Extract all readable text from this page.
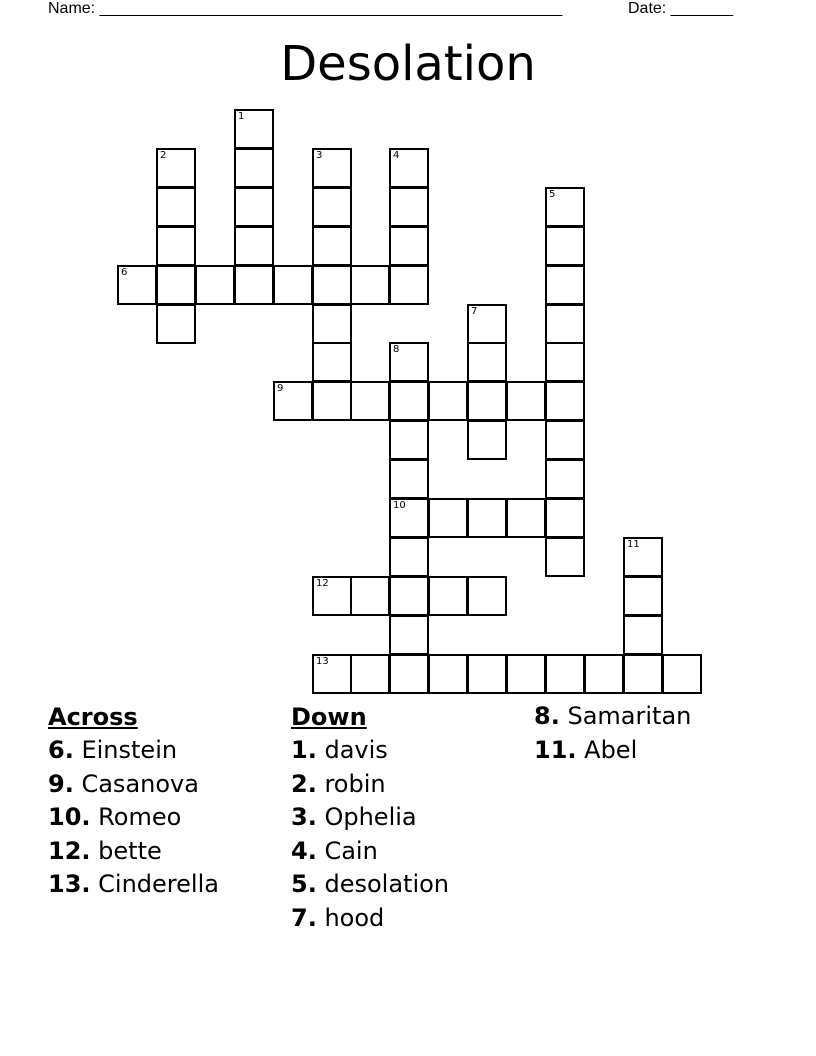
Name: ____________________________________________________	Date: _______
Desolation
1
2	3	4
5
6
7
8
10
9
11
12
13
Across
6. Einstein
9. Casanova
10. Romeo
12. bette
13. Cinderella
Down
1. davis
2. robin
3. Ophelia
4. Cain
5. desolation
7. hood
8. Samaritan
11. Abel
